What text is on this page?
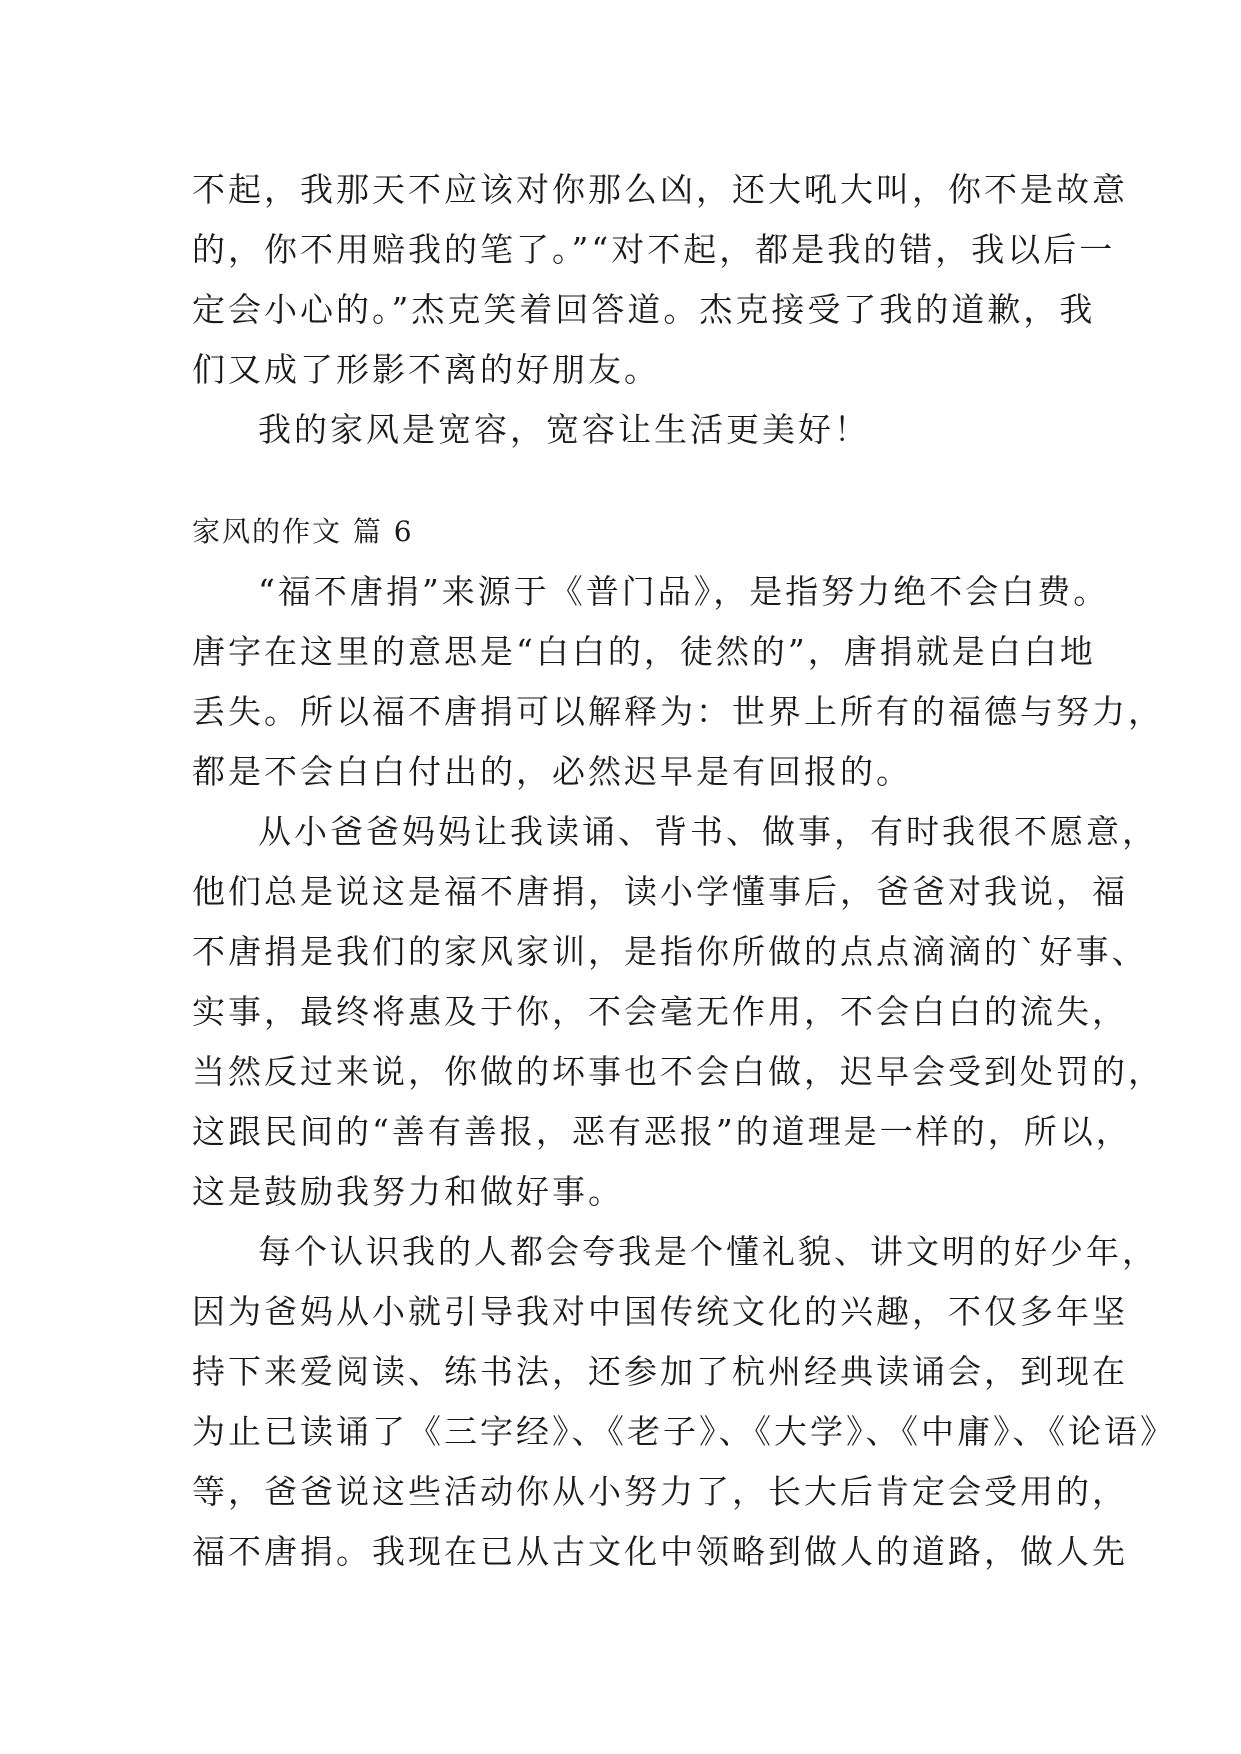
不起，我那天不应该对你那么凶，还大吼大叫，你不是故意
的，你不用赔我的笔了。”“对不起，都是我的错，我以后一
定会小心的。”杰克笑着回答道。杰克接受了我的道歉，我
们又成了形影不离的好朋友。
我的家风是宽容，宽容让生活更美好！
家风的作文 篇 6
“福不唐捐”来源于《普门品》，是指努力绝不会白费。
唐字在这里的意思是“白白的，徒然的”，唐捐就是白白地
丢失。所以福不唐捐可以解释为：世界上所有的福德与努力，
都是不会白白付出的，必然迟早是有回报的。
从小爸爸妈妈让我读诵、背书、做事，有时我很不愿意，
他们总是说这是福不唐捐，读小学懂事后，爸爸对我说，福
不唐捐是我们的家风家训，是指你所做的点点滴滴的`好事、
实事，最终将惠及于你，不会毫无作用，不会白白的流失，
当然反过来说，你做的坏事也不会白做，迟早会受到处罚的，
这跟民间的“善有善报，恶有恶报”的道理是一样的，所以，
这是鼓励我努力和做好事。
每个认识我的人都会夸我是个懂礼貌、讲文明的好少年，
因为爸妈从小就引导我对中国传统文化的兴趣，不仅多年坚
持下来爱阅读、练书法，还参加了杭州经典读诵会，到现在
为止已读诵了《三字经》、《老子》、《大学》、《中庸》、《论语》
等，爸爸说这些活动你从小努力了，长大后肯定会受用的，
福不唐捐。我现在已从古文化中领略到做人的道路，做人先
